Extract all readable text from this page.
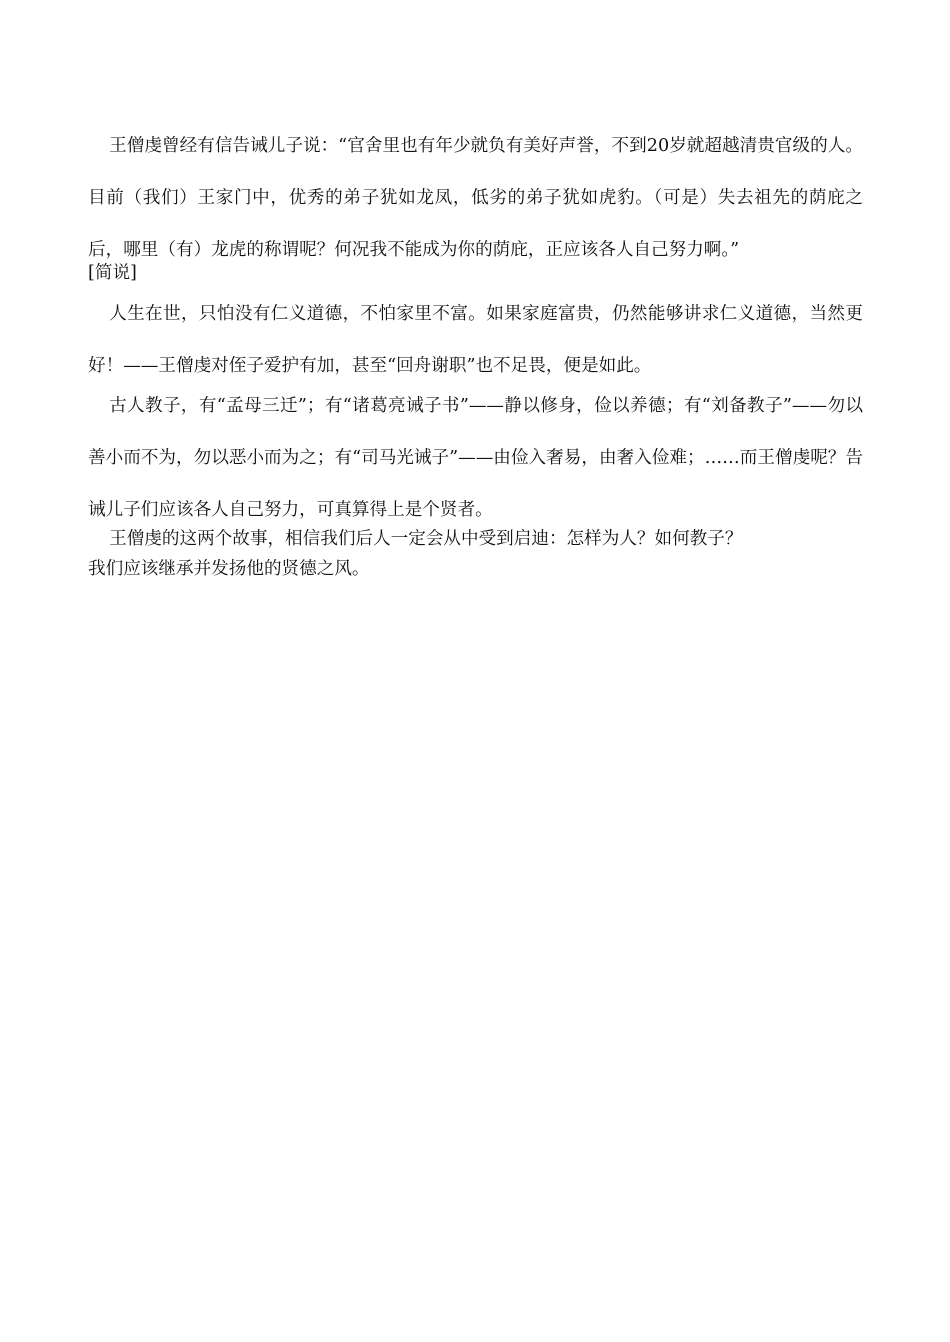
王僧虔曾经有信告诫儿子说：“官舍里也有年少就负有美好声誉，不到20岁就超越清贵官级的人。目前（我们）王家门中，优秀的弟子犹如龙凤，低劣的弟子犹如虎豹。（可是）失去祖先的荫庇之后，哪里（有）龙虎的称谓呢？何况我不能成为你的荫庇，正应该各人自己努力啊。”

[简说]

人生在世，只怕没有仁义道德，不怕家里不富。如果家庭富贵，仍然能够讲求仁义道德，当然更好！——王僧虔对侄子爱护有加，甚至“回舟谢职”也不足畏，便是如此。

古人教子，有“孟母三迁”；有“诸葛亮诫子书”——静以修身，俭以养德；有“刘备教子”——勿以善小而不为，勿以恶小而为之；有“司马光诫子”——由俭入奢易，由奢入俭难；……而王僧虔呢？告诫儿子们应该各人自己努力，可真算得上是个贤者。

王僧虔的这两个故事，相信我们后人一定会从中受到启迪：怎样为人？如何教子？

我们应该继承并发扬他的贤德之风。
